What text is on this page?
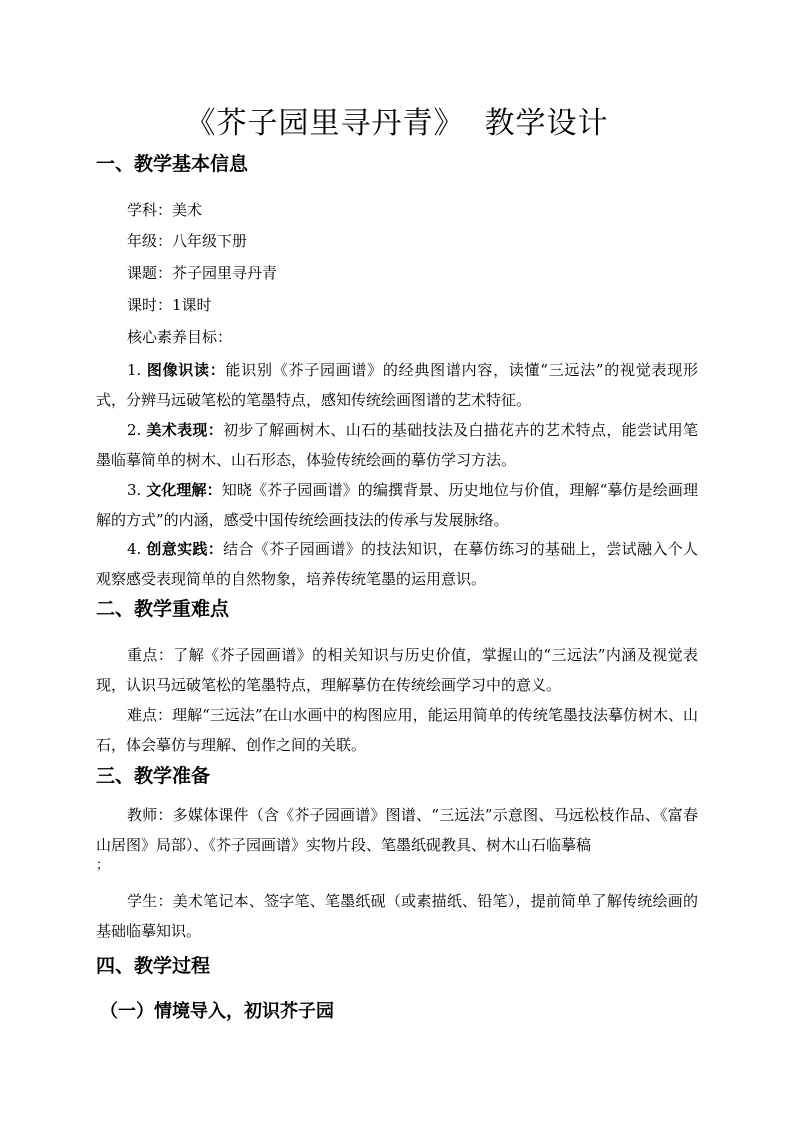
《芥子园里寻丹青》 教学设计
一、教学基本信息
学科：美术
年级：八年级下册
课题：芥子园里寻丹青
课时：1课时
核心素养目标：
1. 图像识读：能识别《芥子园画谱》的经典图谱内容，读懂“三远法”的视觉表现形式，分辨马远破笔松的笔墨特点，感知传统绘画图谱的艺术特征。
2. 美术表现：初步了解画树木、山石的基础技法及白描花卉的艺术特点，能尝试用笔墨临摹简单的树木、山石形态，体验传统绘画的摹仿学习方法。
3. 文化理解：知晓《芥子园画谱》的编撰背景、历史地位与价值，理解“摹仿是绘画理解的方式”的内涵，感受中国传统绘画技法的传承与发展脉络。
4. 创意实践：结合《芥子园画谱》的技法知识，在摹仿练习的基础上，尝试融入个人观察感受表现简单的自然物象，培养传统笔墨的运用意识。
二、教学重难点
重点：了解《芥子园画谱》的相关知识与历史价值，掌握山的“三远法”内涵及视觉表现，认识马远破笔松的笔墨特点，理解摹仿在传统绘画学习中的意义。
难点：理解“三远法”在山水画中的构图应用，能运用简单的传统笔墨技法摹仿树木、山石，体会摹仿与理解、创作之间的关联。
三、教学准备
教师：多媒体课件（含《芥子园画谱》图谱、“三远法”示意图、马远松枝作品、《富春山居图》局部）、《芥子园画谱》实物片段、笔墨纸砚教具、树木山石临摹稿
；
学生：美术笔记本、签字笔、笔墨纸砚（或素描纸、铅笔），提前简单了解传统绘画的基础临摹知识。
四、教学过程
（一）情境导入，初识芥子园
